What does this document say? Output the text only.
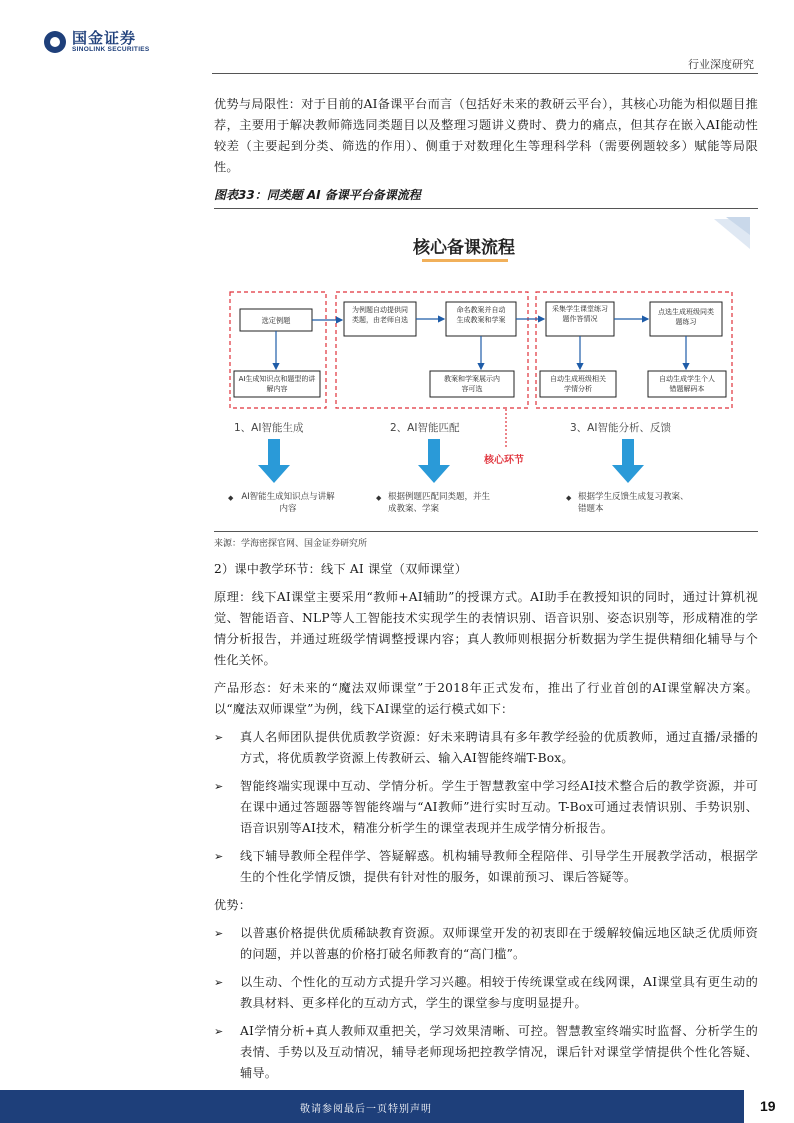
国金证券
SINOLINK SECURITIES
行业深度研究

优势与局限性：对于目前的AI备课平台而言（包括好未来的教研云平台），其核心功能为相似题目推荐，主要用于解决教师筛选同类题目以及整理习题讲义费时、费力的痛点，但其存在嵌入AI能动性较差（主要起到分类、筛选的作用）、侧重于对数理化生等理科学科（需要例题较多）赋能等局限性。

图表33：同类题 AI 备课平台备课流程
核心备课流程
选定例题
AI生成知识点和题型的讲解内容
为例题自动提供同类题，由老师自选
命名教案并自动生成教案和学案
教案和学案展示内容可选
采集学生课堂练习题作答情况
点选生成班级同类题练习
自动生成班级相关学情分析
自动生成学生个人错题解码本
1、AI智能生成	2、AI智能匹配	3、AI智能分析、反馈
核心环节
◆ AI智能生成知识点与讲解内容
◆ 根据例题匹配同类题，并生成教案、学案
◆ 根据学生反馈生成复习教案、错题本
来源：学海密探官网、国金证券研究所

2）课中教学环节：线下 AI 课堂（双师课堂）

原理：线下AI课堂主要采用“教师+AI辅助”的授课方式。AI助手在教授知识的同时，通过计算机视觉、智能语音、NLP等人工智能技术实现学生的表情识别、语音识别、姿态识别等，形成精准的学情分析报告，并通过班级学情调整授课内容；真人教师则根据分析数据为学生提供精细化辅导与个性化关怀。

产品形态：好未来的“魔法双师课堂”于2018年正式发布，推出了行业首创的AI课堂解决方案。以“魔法双师课堂”为例，线下AI课堂的运行模式如下：

➢ 真人名师团队提供优质教学资源：好未来聘请具有多年教学经验的优质教师，通过直播/录播的方式，将优质教学资源上传教研云、输入AI智能终端T-Box。
➢ 智能终端实现课中互动、学情分析。学生于智慧教室中学习经AI技术整合后的教学资源，并可在课中通过答题器等智能终端与“AI教师”进行实时互动。T-Box可通过表情识别、手势识别、语音识别等AI技术，精准分析学生的课堂表现并生成学情分析报告。
➢ 线下辅导教师全程伴学、答疑解惑。机构辅导教师全程陪伴、引导学生开展教学活动，根据学生的个性化学情反馈，提供有针对性的服务，如课前预习、课后答疑等。

优势：

➢ 以普惠价格提供优质稀缺教育资源。双师课堂开发的初衷即在于缓解较偏远地区缺乏优质师资的问题，并以普惠的价格打破名师教育的“高门槛”。
➢ 以生动、个性化的互动方式提升学习兴趣。相较于传统课堂或在线网课，AI课堂具有更生动的教具材料、更多样化的互动方式，学生的课堂参与度明显提升。
➢ AI学情分析+真人教师双重把关，学习效果清晰、可控。智慧教室终端实时监督、分析学生的表情、手势以及互动情况，辅导老师现场把控教学情况，课后针对课堂学情提供个性化答疑、辅导。
敬请参阅最后一页特别声明	19
